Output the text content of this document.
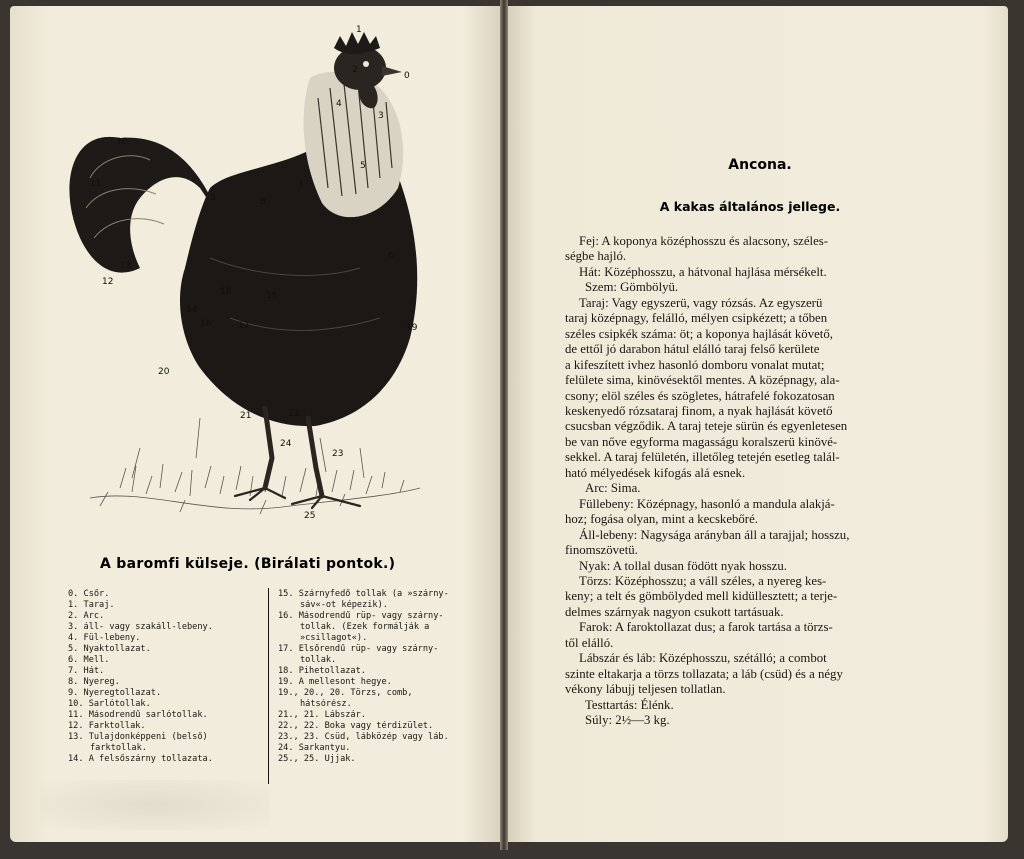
0
1
2
3
4
5
6
7
8
9
10
11
12
13
14
15
16	17
18
19
20
21	22
23
24
25
A baromfi külseje. (Birálati pontok.)
0. Csőr.
1. Taraj.
2. Arc.
3. áll- vagy szakáll-lebeny.
4. Fül-lebeny.
5. Nyaktollazat.
6. Mell.
7. Hát.
8. Nyereg.
9. Nyeregtollazat.
10. Sarlótollak.
11. Másodrendű sarlótollak.
12. Farktollak.
13. Tulajdonképpeni (belső)
farktollak.
14. A felsőszárny tollazata.
15. Szárnyfedő tollak (a »szárny-
sáv«-ot képezik).
16. Másodrendű rüp- vagy szárny-
tollak. (Ezek formálják a
»csillagot«).
17. Elsőrendű rüp- vagy szárny-
tollak.
18. Pihetollazat.
19. A mellesont hegye.
19., 20., 20. Törzs, comb,
hátsórész.
21., 21. Lábszár.
22., 22. Boka vagy térdizület.
23., 23. Csüd, lábközép vagy láb.
24. Sarkantyu.
25., 25. Ujjak.
Ancona.
A kakas általános jellege.
Fej: A koponya középhosszu és alacsony, széles-
ségbe hajló.
Hát: Középhosszu, a hátvonal hajlása mérsékelt.
Szem: Gömbölyü.
Taraj: Vagy egyszerü, vagy rózsás. Az egyszerü
taraj középnagy, felálló, mélyen csipkézett; a tőben
széles csipkék száma: öt; a koponya hajlását követő,
de ettől jó darabon hátul elálló taraj felső kerülete
a kifeszített ivhez hasonló domboru vonalat mutat;
felülete sima, kinövésektől mentes. A középnagy, ala-
csony; elöl széles és szögletes, hátrafelé fokozatosan
keskenyedő rózsataraj finom, a nyak hajlását követő
csucsban végződik. A taraj teteje sürün és egyenletesen
be van nőve egyforma magasságu koralszerü kinövé-
sekkel. A taraj felületén, illetőleg tetején esetleg talál-
ható mélyedések kifogás alá esnek.
Arc: Sima.
Füllebeny: Középnagy, hasonló a mandula alakjá-
hoz; fogása olyan, mint a kecskebőré.
Áll-lebeny: Nagysága arányban áll a tarajjal; hosszu,
finomszövetü.
Nyak: A tollal dusan födött nyak hosszu.
Törzs: Középhosszu; a váll széles, a nyereg kes-
keny; a telt és gömbölyded mell kidüllesztett; a terje-
delmes szárnyak nagyon csukott tartásuak.
Farok: A faroktollazat dus; a farok tartása a törzs-
től elálló.
Lábszár és láb: Középhosszu, szétálló; a combot
szinte eltakarja a törzs tollazata; a láb (csüd) és a négy
vékony lábujj teljesen tollatlan.
Testtartás: Élénk.
Súly: 2½—3 kg.
